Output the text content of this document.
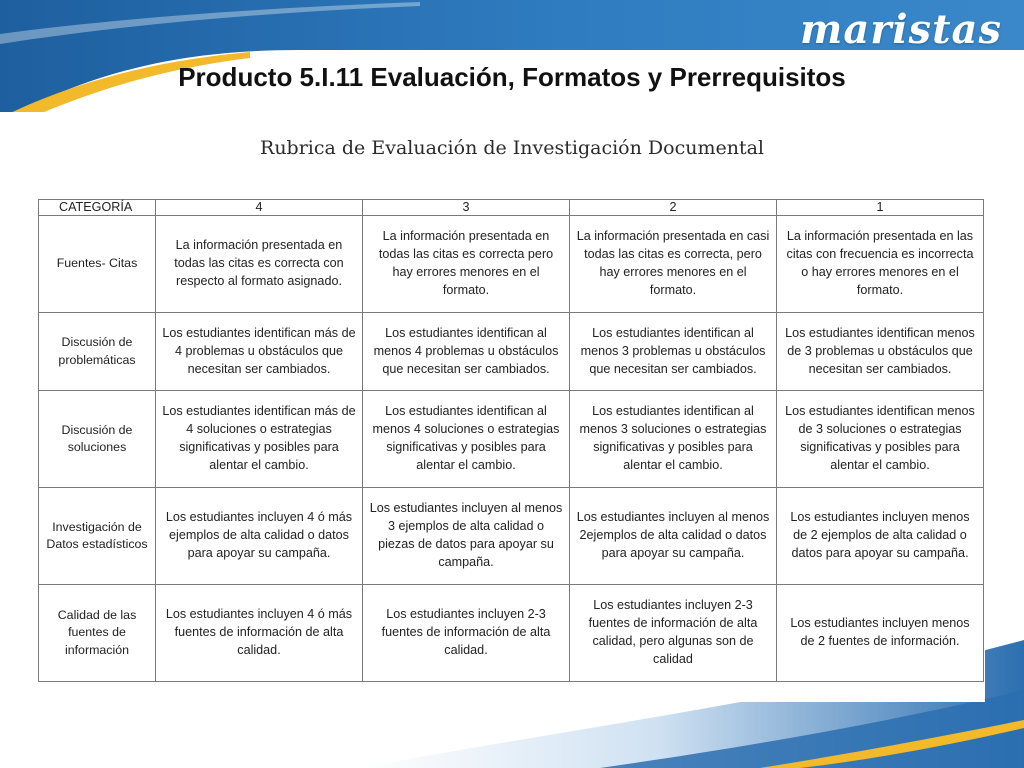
maristas
Producto 5.I.11 Evaluación, Formatos y Prerrequisitos
Rubrica de Evaluación de Investigación Documental
CATEGORÍA	4	3	2	1
Fuentes- Citas	La información presentada en todas las citas es correcta con respecto al formato asignado.	La información presentada en todas las citas es correcta pero hay errores menores en el formato.	La información presentada en casi todas las citas es correcta, pero hay errores menores en el formato.	La información presentada en las citas con frecuencia es incorrecta o hay errores menores en el formato.
Discusión de problemáticas	Los estudiantes identifican más de 4 problemas u obstáculos que necesitan ser cambiados.	Los estudiantes identifican al menos 4 problemas u obstáculos que necesitan ser cambiados.	Los estudiantes identifican al menos 3 problemas u obstáculos que necesitan ser cambiados.	Los estudiantes identifican menos de 3 problemas u obstáculos que necesitan ser cambiados.
Discusión de soluciones	Los estudiantes identifican más de 4 soluciones o estrategias significativas y posibles para alentar el cambio.	Los estudiantes identifican al menos 4 soluciones o estrategias significativas y posibles para alentar el cambio.	Los estudiantes identifican al menos 3 soluciones o estrategias significativas y posibles para alentar el cambio.	Los estudiantes identifican menos de 3 soluciones o estrategias significativas y posibles para alentar el cambio.
Investigación de Datos estadísticos	Los estudiantes incluyen 4 ó más ejemplos de alta calidad o datos para apoyar su campaña.	Los estudiantes incluyen al menos 3 ejemplos de alta calidad o piezas de datos para apoyar su campaña.	Los estudiantes incluyen al menos 2ejemplos de alta calidad o datos para apoyar su campaña.	Los estudiantes incluyen menos de 2 ejemplos de alta calidad o datos para apoyar su campaña.
Calidad de las fuentes de información	Los estudiantes incluyen 4 ó más fuentes de información de alta calidad.	Los estudiantes incluyen 2-3 fuentes de información de alta calidad.	Los estudiantes incluyen 2-3 fuentes de información de alta calidad, pero algunas son de calidad	Los estudiantes incluyen menos de 2 fuentes de información.
